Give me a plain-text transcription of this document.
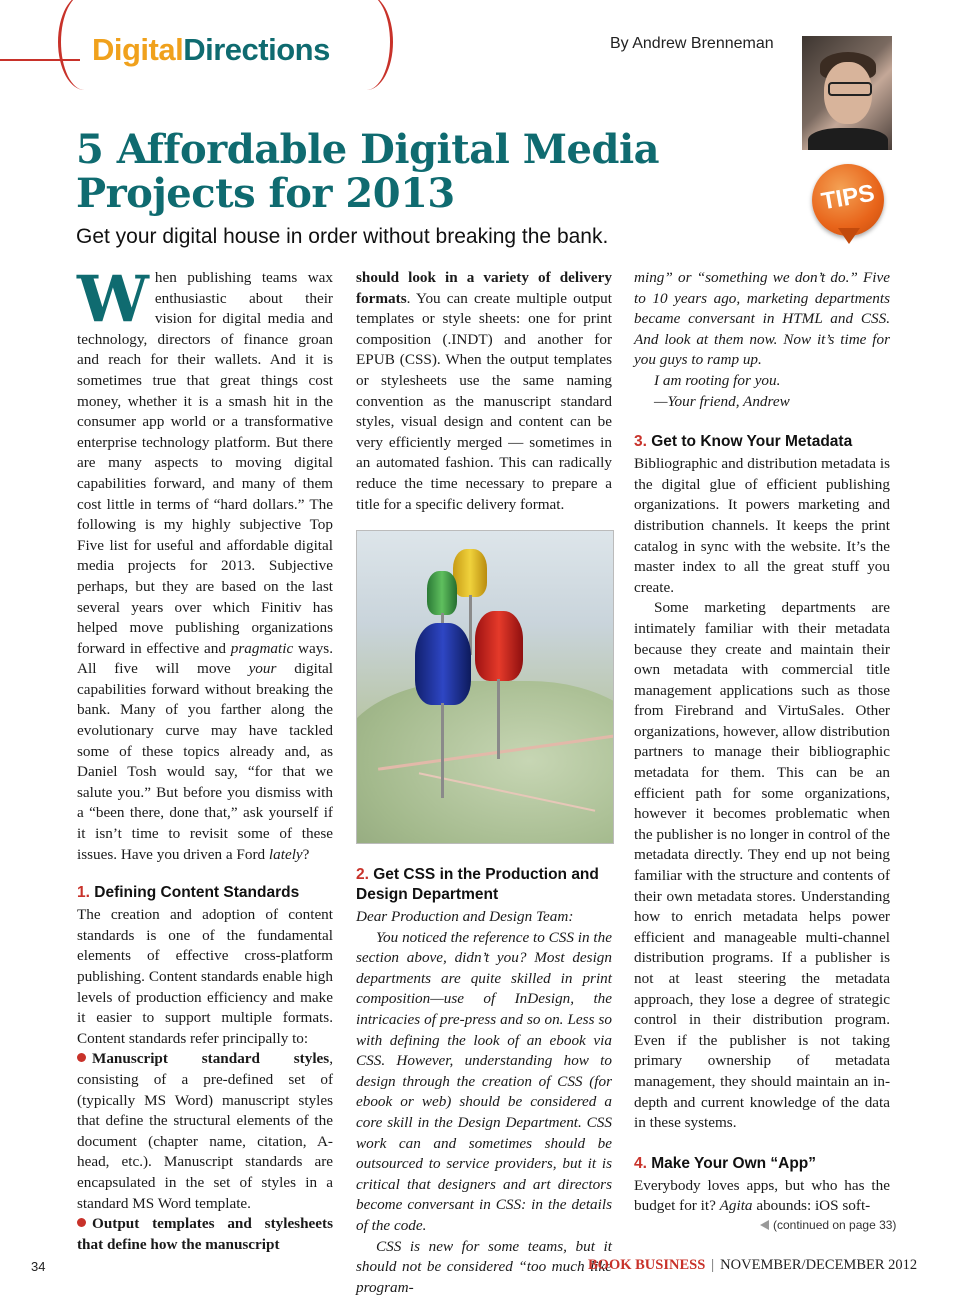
DigitalDirections	By Andrew Brenneman
TIPS
5 Affordable Digital Media Projects for 2013
Get your digital house in order without breaking the bank.

When publishing teams wax enthusiastic about their vision for digital media and technology, directors of finance groan and reach for their wallets. And it is sometimes true that great things cost money, whether it is a smash hit in the consumer app world or a transformative enterprise technology platform. But there are many aspects to moving digital capabilities forward, and many of them cost little in terms of “hard dollars.” The following is my highly subjective Top Five list for useful and affordable digital media projects for 2013. Subjective perhaps, but they are based on the last several years over which Finitiv has helped move publishing organizations forward in effective and pragmatic ways. All five will move your digital capabilities forward without breaking the bank. Many of you farther along the evolutionary curve may have tackled some of these topics already and, as Daniel Tosh would say, “for that we salute you.” But before you dismiss with a “been there, done that,” ask yourself if it isn’t time to revisit some of these issues. Have you driven a Ford lately?

1. Defining Content Standards

The creation and adoption of content standards is one of the fundamental elements of effective cross-platform publishing. Content standards enable high levels of production efficiency and make it easier to support multiple formats. Content standards refer principally to:

Manuscript standard styles, consisting of a pre-defined set of (typically MS Word) manuscript styles that define the structural elements of the document (chapter name, citation, A-head, etc.). Manuscript standards are encapsulated in the set of styles in a standard MS Word template.

Output templates and stylesheets that define how the manuscript

should look in a variety of delivery formats. You can create multiple output templates or style sheets: one for print composition (.INDT) and another for EPUB (CSS). When the output templates or stylesheets use the same naming convention as the manuscript standard styles, visual design and content can be very efficiently merged — sometimes in an automated fashion. This can radically reduce the time necessary to prepare a title for a specific delivery format.

2. Get CSS in the Production and Design Department

Dear Production and Design Team:

You noticed the reference to CSS in the section above, didn’t you? Most design departments are quite skilled in print composition—use of InDesign, the intricacies of pre-press and so on. Less so with defining the look of an ebook via CSS. However, understanding how to design through the creation of CSS (for ebook or web) should be considered a core skill in the Design Department. CSS work can and sometimes should be outsourced to service providers, but it is critical that designers and art directors become conversant in CSS: in the details of the code.

CSS is new for some teams, but it should not be considered “too much like program-

ming” or “something we don’t do.” Five to 10 years ago, marketing departments became conversant in HTML and CSS. And look at them now. Now it’s time for you guys to ramp up.

I am rooting for you.

—Your friend, Andrew

3. Get to Know Your Metadata

Bibliographic and distribution metadata is the digital glue of efficient publishing organizations. It powers marketing and distribution channels. It keeps the print catalog in sync with the website. It’s the master index to all the great stuff you create.

Some marketing departments are intimately familiar with their metadata because they create and maintain their own metadata with commercial title management applications such as those from Firebrand and VirtuSales. Other organizations, however, allow distribution partners to manage their bibliographic metadata for them. This can be an efficient path for some organizations, however it becomes problematic when the publisher is no longer in control of the metadata directly. They end up not being familiar with the structure and contents of their own metadata stores. Understanding how to enrich metadata helps power efficient and manageable multi-channel distribution programs. If a publisher is not at least steering the metadata approach, they lose a degree of strategic control in their distribution program. Even if the publisher is not taking primary ownership of metadata management, they should maintain an in-depth and current knowledge of the data in these systems.

4. Make Your Own “App”

Everybody loves apps, but who has the budget for it? Agita abounds: iOS soft-

(continued on page 33)
34	BOOK BUSINESS | NOVEMBER/DECEMBER 2012
